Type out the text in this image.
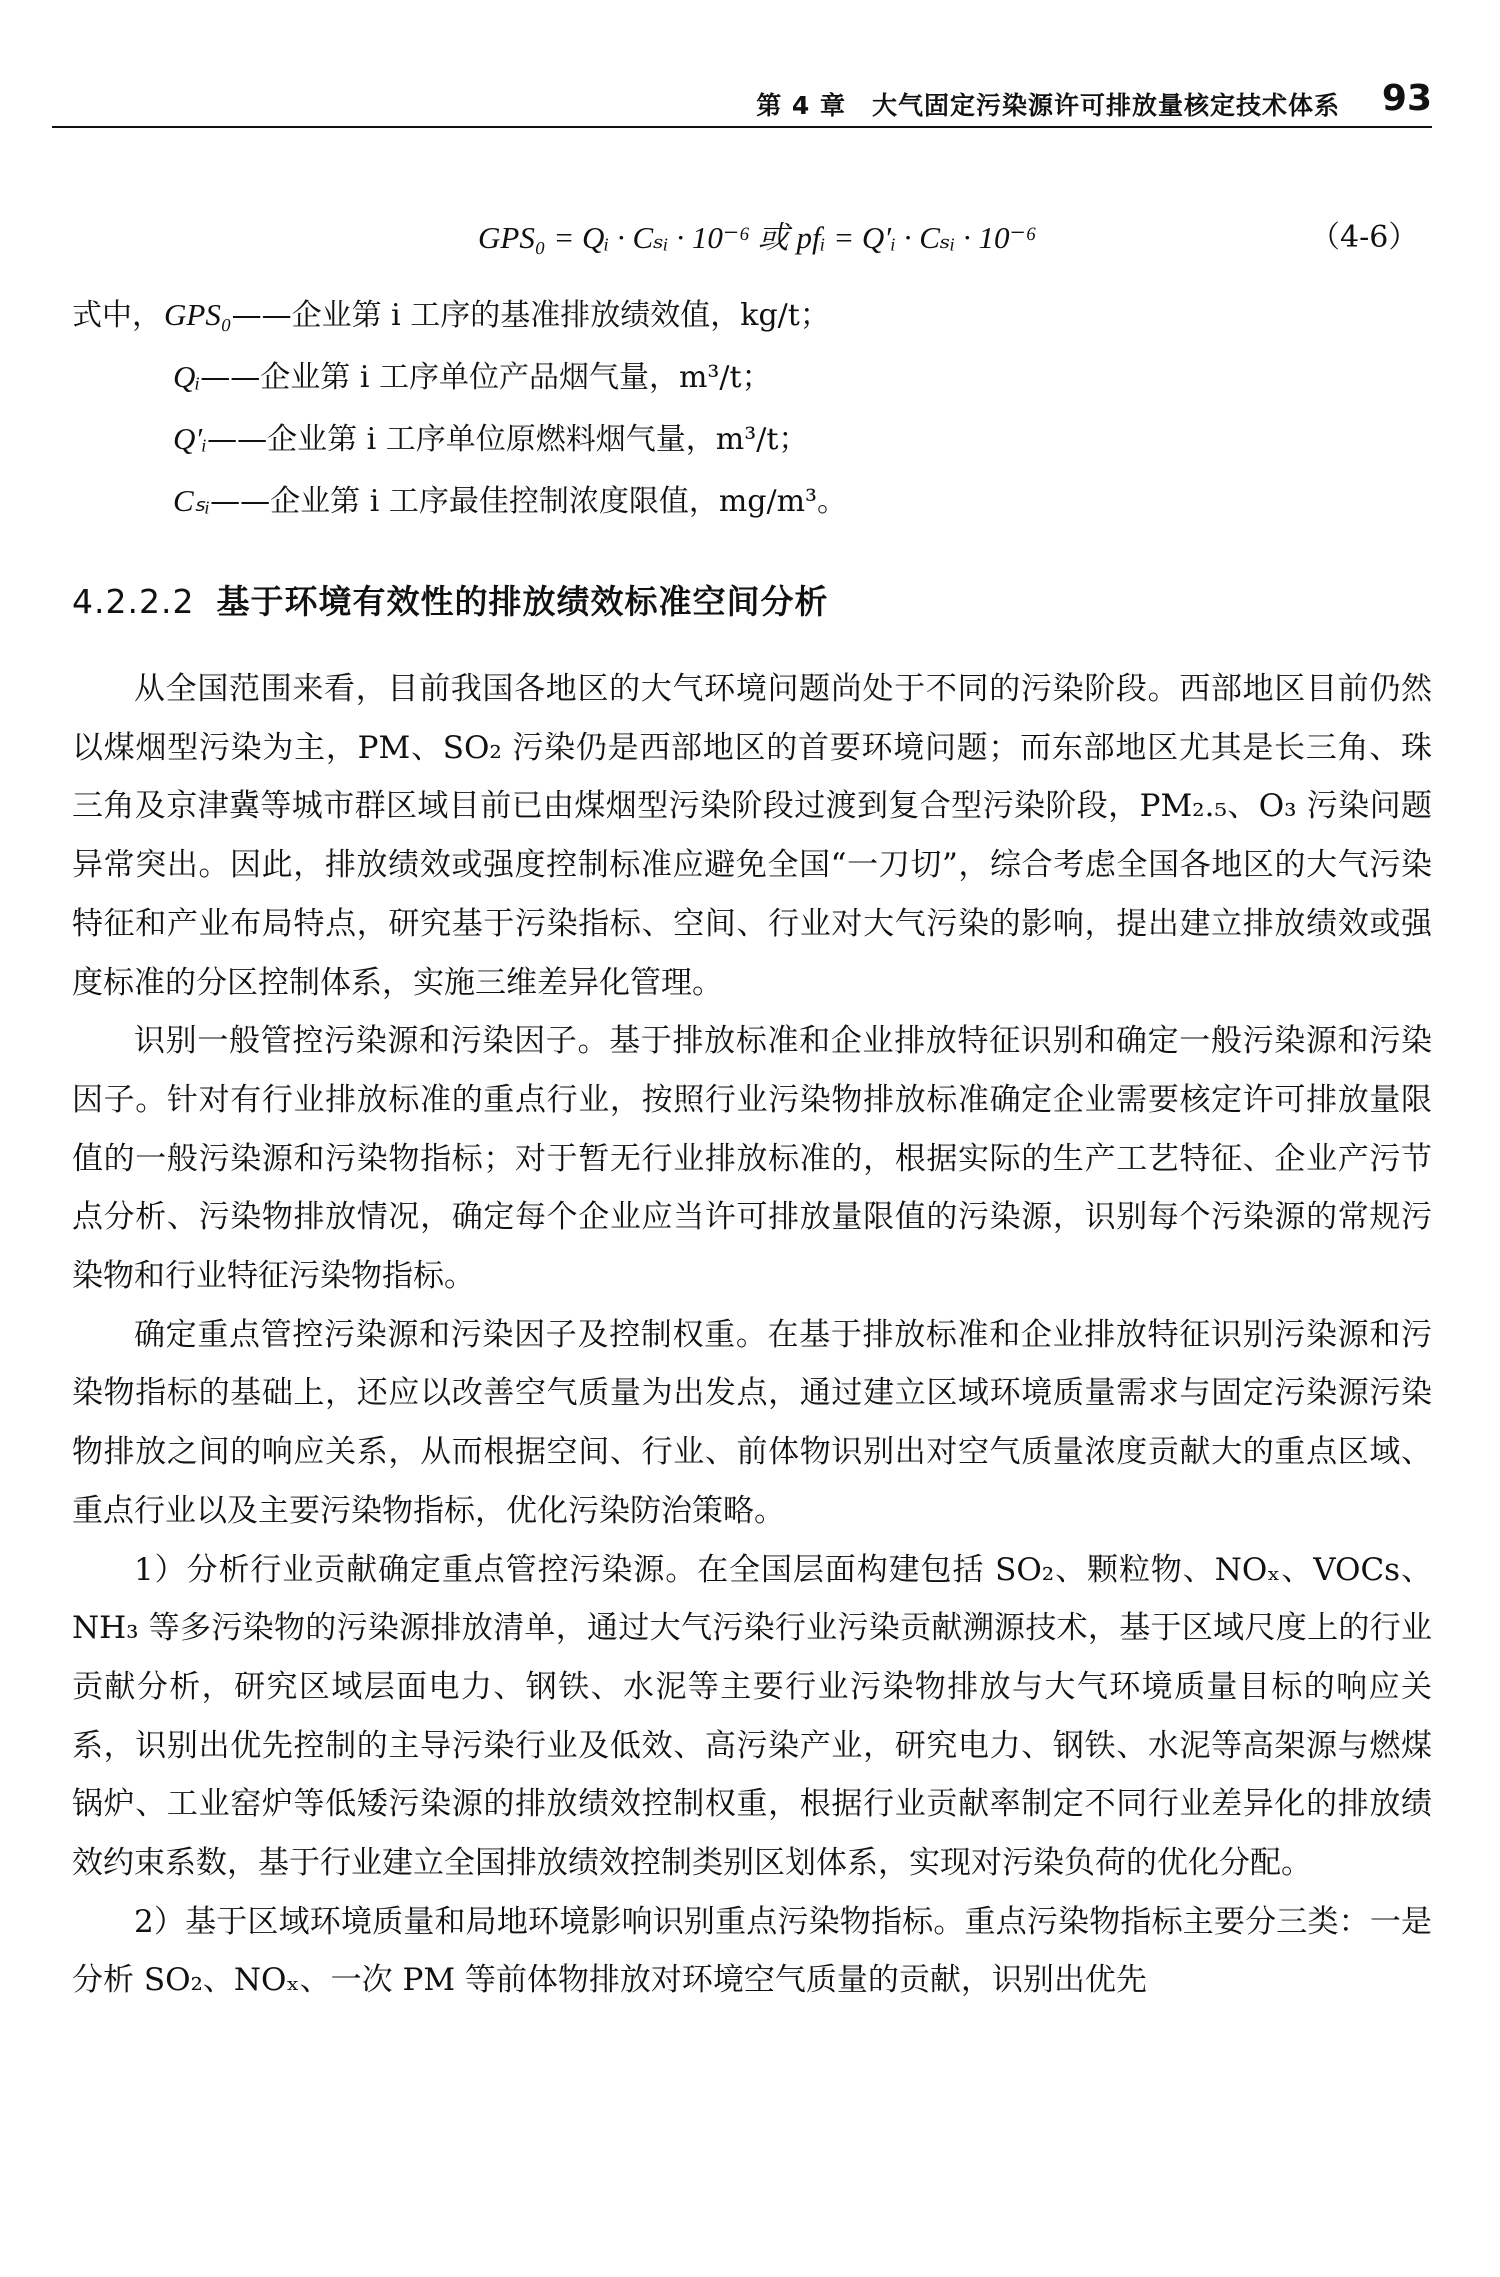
第 4 章　大气固定污染源许可排放量核定技术体系 93
GPS₀ = Qᵢ · Cₛᵢ · 10⁻⁶ 或 pfᵢ = Q′ᵢ · Cₛᵢ · 10⁻⁶	（4-6）
式中，GPS₀——企业第 i 工序的基准排放绩效值，kg/t；
Qᵢ——企业第 i 工序单位产品烟气量，m³/t；
Q′ᵢ——企业第 i 工序单位原燃料烟气量，m³/t；
Cₛᵢ——企业第 i 工序最佳控制浓度限值，mg/m³。
4.2.2.2 基于环境有效性的排放绩效标准空间分析

从全国范围来看，目前我国各地区的大气环境问题尚处于不同的污染阶段。西部地区目前仍然以煤烟型污染为主，PM、SO₂ 污染仍是西部地区的首要环境问题；而东部地区尤其是长三角、珠三角及京津冀等城市群区域目前已由煤烟型污染阶段过渡到复合型污染阶段，PM₂.₅、O₃ 污染问题异常突出。因此，排放绩效或强度控制标准应避免全国“一刀切”，综合考虑全国各地区的大气污染特征和产业布局特点，研究基于污染指标、空间、行业对大气污染的影响，提出建立排放绩效或强度标准的分区控制体系，实施三维差异化管理。

识别一般管控污染源和污染因子。基于排放标准和企业排放特征识别和确定一般污染源和污染因子。针对有行业排放标准的重点行业，按照行业污染物排放标准确定企业需要核定许可排放量限值的一般污染源和污染物指标；对于暂无行业排放标准的，根据实际的生产工艺特征、企业产污节点分析、污染物排放情况，确定每个企业应当许可排放量限值的污染源，识别每个污染源的常规污染物和行业特征污染物指标。

确定重点管控污染源和污染因子及控制权重。在基于排放标准和企业排放特征识别污染源和污染物指标的基础上，还应以改善空气质量为出发点，通过建立区域环境质量需求与固定污染源污染物排放之间的响应关系，从而根据空间、行业、前体物识别出对空气质量浓度贡献大的重点区域、重点行业以及主要污染物指标，优化污染防治策略。

1）分析行业贡献确定重点管控污染源。在全国层面构建包括 SO₂、颗粒物、NOₓ、VOCs、NH₃ 等多污染物的污染源排放清单，通过大气污染行业污染贡献溯源技术，基于区域尺度上的行业贡献分析，研究区域层面电力、钢铁、水泥等主要行业污染物排放与大气环境质量目标的响应关系，识别出优先控制的主导污染行业及低效、高污染产业，研究电力、钢铁、水泥等高架源与燃煤锅炉、工业窑炉等低矮污染源的排放绩效控制权重，根据行业贡献率制定不同行业差异化的排放绩效约束系数，基于行业建立全国排放绩效控制类别区划体系，实现对污染负荷的优化分配。

2）基于区域环境质量和局地环境影响识别重点污染物指标。重点污染物指标主要分三类：一是分析 SO₂、NOₓ、一次 PM 等前体物排放对环境空气质量的贡献，识别出优先
